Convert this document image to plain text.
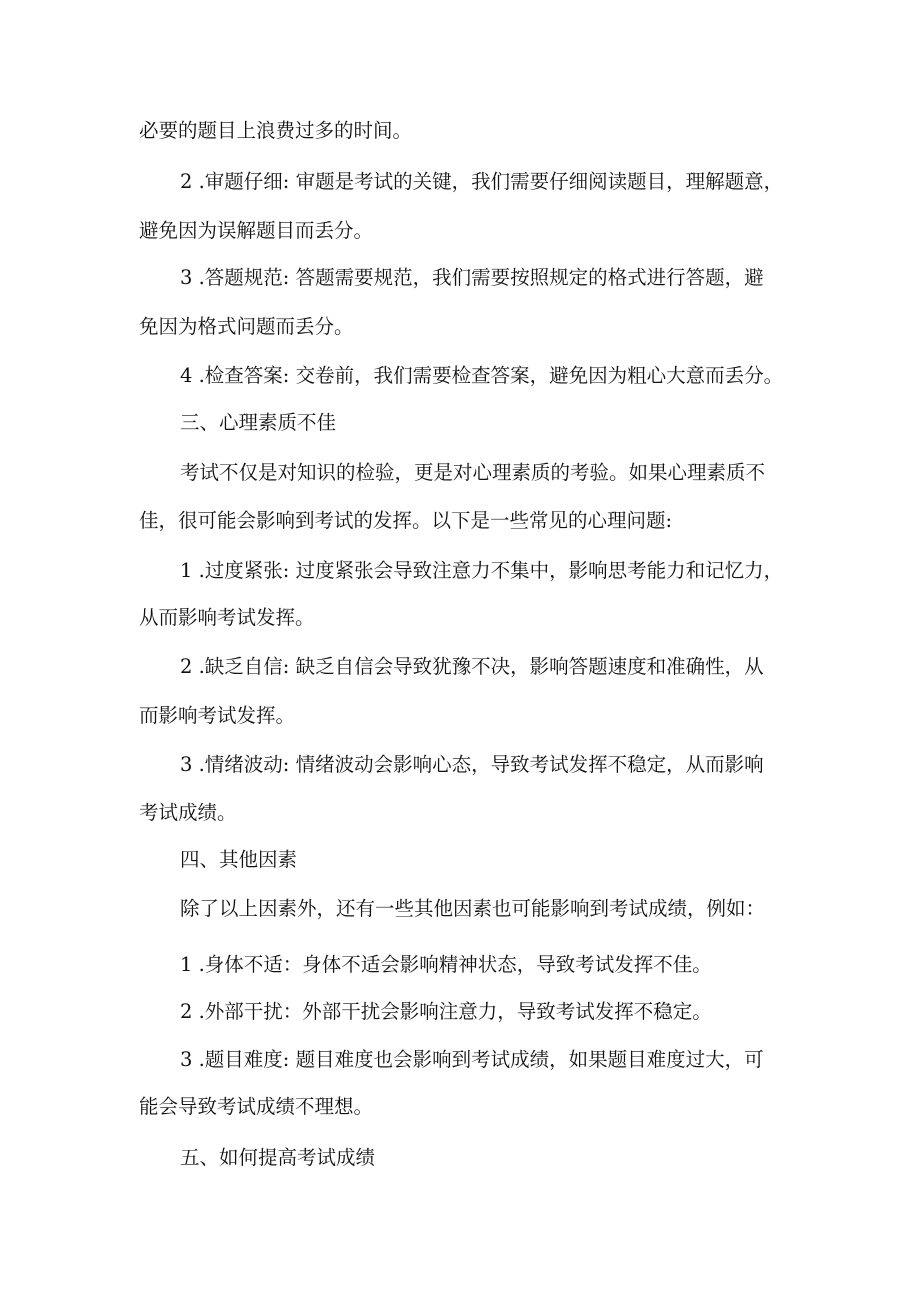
必要的题目上浪费过多的时间。
2 .审题仔细: 审题是考试的关键，我们需要仔细阅读题目，理解题意，
避免因为误解题目而丢分。
3 .答题规范: 答题需要规范，我们需要按照规定的格式进行答题，避
免因为格式问题而丢分。
4 .检查答案: 交卷前，我们需要检查答案，避免因为粗心大意而丢分。
三、心理素质不佳
考试不仅是对知识的检验，更是对心理素质的考验。如果心理素质不
佳，很可能会影响到考试的发挥。以下是一些常见的心理问题:
1 .过度紧张: 过度紧张会导致注意力不集中，影响思考能力和记忆力，
从而影响考试发挥。
2 .缺乏自信: 缺乏自信会导致犹豫不决，影响答题速度和准确性，从
而影响考试发挥。
3 .情绪波动: 情绪波动会影响心态，导致考试发挥不稳定，从而影响
考试成绩。
四、其他因素
除了以上因素外，还有一些其他因素也可能影响到考试成绩，例如：
1 .身体不适：身体不适会影响精神状态，导致考试发挥不佳。
2 .外部干扰：外部干扰会影响注意力，导致考试发挥不稳定。
3 .题目难度: 题目难度也会影响到考试成绩，如果题目难度过大，可
能会导致考试成绩不理想。
五、如何提高考试成绩
